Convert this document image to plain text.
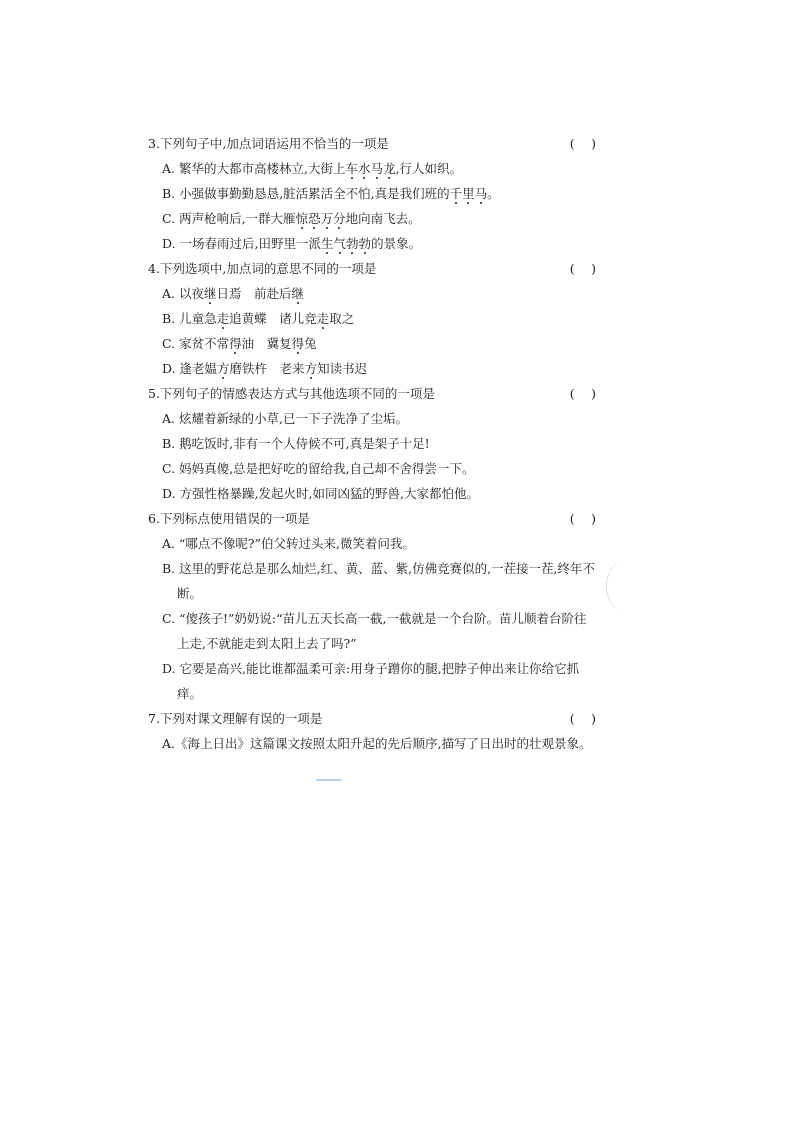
3.下列句子中,加点词语运用不恰当的一项是	(　)
A. 繁华的大都市高楼林立,大街上车水马龙,行人如织。
B. 小强做事勤勤恳恳,脏活累活全不怕,真是我们班的千里马。
C. 两声枪响后,一群大雁惊恐万分地向南飞去。
D. 一场春雨过后,田野里一派生气勃勃的景象。
4.下列选项中,加点词的意思不同的一项是	(　)
A. 以夜继日焉　前赴后继
B. 儿童急走追黄蝶　诸儿竞走取之
C. 家贫不常得油　冀复得兔
D. 逢老媪方磨铁杵　老来方知读书迟
5.下列句子的情感表达方式与其他选项不同的一项是	(　)
A. 炫耀着新绿的小草,已一下子洗净了尘垢。
B. 鹅吃饭时,非有一个人侍候不可,真是架子十足!
C. 妈妈真傻,总是把好吃的留给我,自己却不舍得尝一下。
D. 方强性格暴躁,发起火时,如同凶猛的野兽,大家都怕他。
6.下列标点使用错误的一项是	(　)
A. “哪点不像呢?”伯父转过头来,微笑着问我。
B. 这里的野花总是那么灿烂,红、黄、蓝、紫,仿佛竞赛似的,一茬接一茬,终年不断。
C. “傻孩子!”奶奶说:“苗儿五天长高一截,一截就是一个台阶。苗儿顺着台阶往上走,不就能走到太阳上去了吗?”
D. 它要是高兴,能比谁都温柔可亲:用身子蹭你的腿,把脖子伸出来让你给它抓痒。
7.下列对课文理解有误的一项是	(　)
A.《海上日出》这篇课文按照太阳升起的先后顺序,描写了日出时的壮观景象。
